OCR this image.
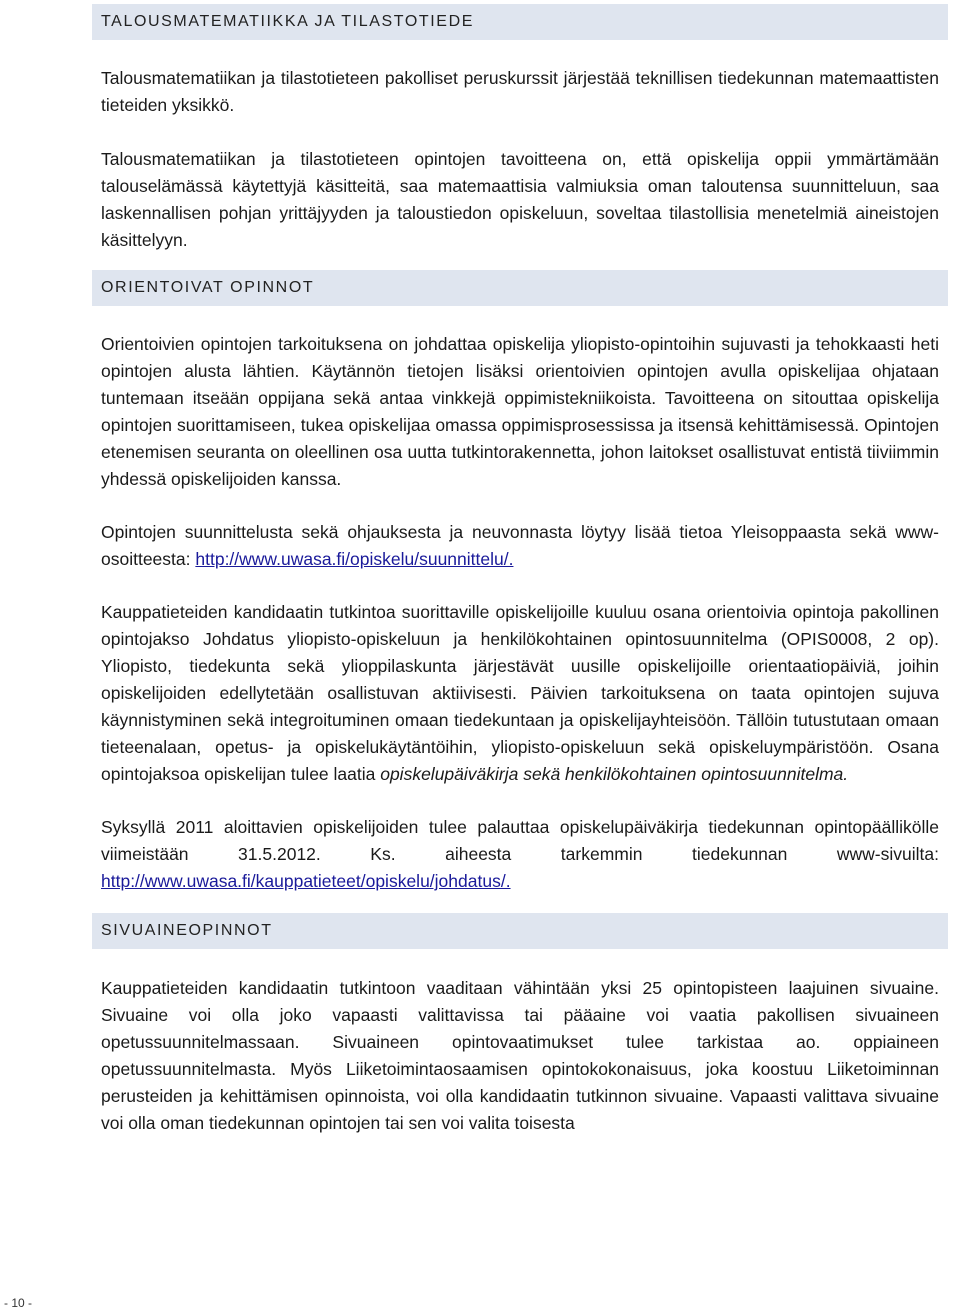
TALOUSMATEMATIIKKA JA TILASTOTIEDE

Talousmatematiikan ja tilastotieteen pakolliset peruskurssit järjestää teknillisen tiedekunnan matemaattisten tieteiden yksikkö.

Talousmatematiikan ja tilastotieteen opintojen tavoitteena on, että opiskelija oppii ymmärtämään talouselämässä käytettyjä käsitteitä, saa matemaattisia valmiuksia oman taloutensa suunnitteluun, saa laskennallisen pohjan yrittäjyyden ja taloustiedon opiskeluun, soveltaa tilastollisia menetelmiä aineistojen käsittelyyn.

ORIENTOIVAT OPINNOT

Orientoivien opintojen tarkoituksena on johdattaa opiskelija yliopisto-opintoihin sujuvasti ja tehokkaasti heti opintojen alusta lähtien. Käytännön tietojen lisäksi orientoivien opintojen avulla opiskelijaa ohjataan tuntemaan itseään oppijana sekä antaa vinkkejä oppimistekniikoista. Tavoitteena on sitouttaa opiskelija opintojen suorittamiseen, tukea opiskelijaa omassa oppimisprosessissa ja itsensä kehittämisessä. Opintojen etenemisen seuranta on oleellinen osa uutta tutkintorakennetta, johon laitokset osallistuvat entistä tiiviimmin yhdessä opiskelijoiden kanssa.

Opintojen suunnittelusta sekä ohjauksesta ja neuvonnasta löytyy lisää tietoa Yleisoppaasta sekä www-osoitteesta: http://www.uwasa.fi/opiskelu/suunnittelu/.

Kauppatieteiden kandidaatin tutkintoa suorittaville opiskelijoille kuuluu osana orientoivia opintoja pakollinen opintojakso Johdatus yliopisto-opiskeluun ja henkilökohtainen opintosuunnitelma (OPIS0008, 2 op). Yliopisto, tiedekunta sekä ylioppilaskunta järjestävät uusille opiskelijoille orientaatiopäiviä, joihin opiskelijoiden edellytetään osallistuvan aktiivisesti. Päivien tarkoituksena on taata opintojen sujuva käynnistyminen sekä integroituminen omaan tiedekuntaan ja opiskelijayhteisöön. Tällöin tutustutaan omaan tieteenalaan, opetus- ja opiskelukäytäntöihin, yliopisto-opiskeluun sekä opiskeluympäristöön. Osana opintojaksoa opiskelijan tulee laatia opiskelupäiväkirja sekä henkilökohtainen opintosuunnitelma.

Syksyllä 2011 aloittavien opiskelijoiden tulee palauttaa opiskelupäiväkirja tiedekunnan opintopäällikölle viimeistään 31.5.2012. Ks. aiheesta tarkemmin tiedekunnan www-sivuilta: http://www.uwasa.fi/kauppatieteet/opiskelu/johdatus/.

SIVUAINEOPINNOT

Kauppatieteiden kandidaatin tutkintoon vaaditaan vähintään yksi 25 opintopisteen laajuinen sivuaine. Sivuaine voi olla joko vapaasti valittavissa tai pääaine voi vaatia pakollisen sivuaineen opetussuunnitelmassaan. Sivuaineen opintovaatimukset tulee tarkistaa ao. oppiaineen opetussuunnitelmasta. Myös Liiketoimintaosaamisen opintokokonaisuus, joka koostuu Liiketoiminnan perusteiden ja kehittämisen opinnoista, voi olla kandidaatin tutkinnon sivuaine. Vapaasti valittava sivuaine voi olla oman tiedekunnan opintojen tai sen voi valita toisesta

- 10 -
